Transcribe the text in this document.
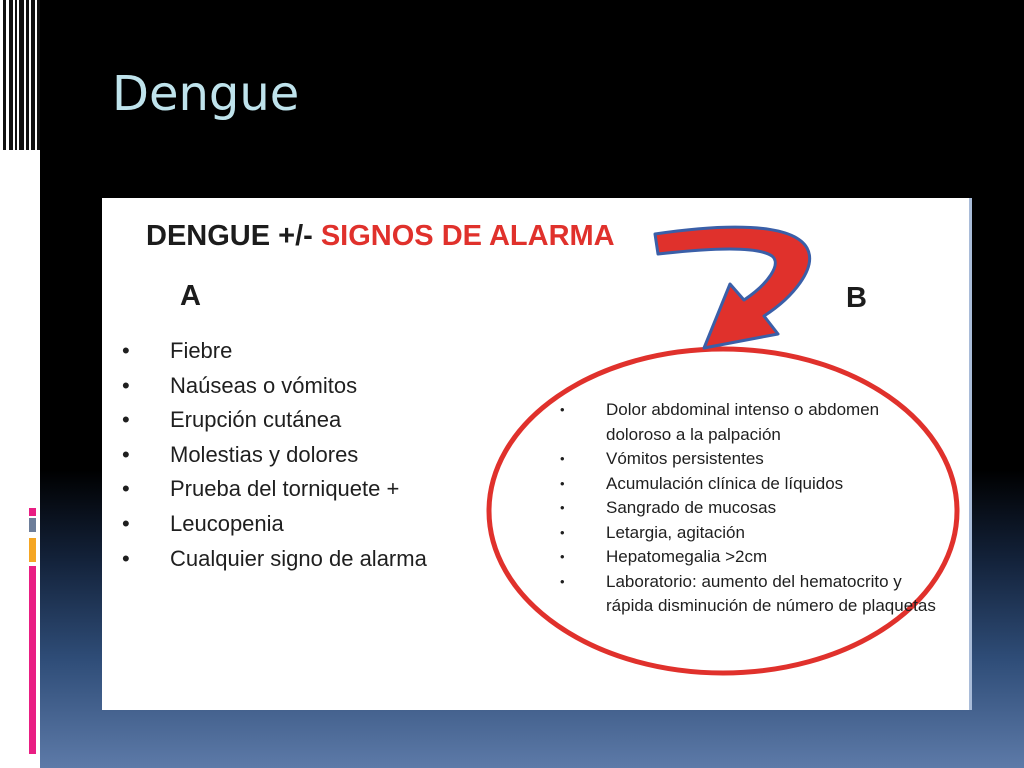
Dengue
DENGUE +/- SIGNOS DE ALARMA
A	B
• Fiebre
• Naúseas o vómitos
• Erupción cutánea
• Molestias y dolores
• Prueba del torniquete +
• Leucopenia
• Cualquier signo de alarma
• Dolor abdominal intenso o abdomen doloroso a la palpación
• Vómitos persistentes
• Acumulación clínica de líquidos
• Sangrado de mucosas
• Letargia, agitación
• Hepatomegalia >2cm
• Laboratorio: aumento del hematocrito y rápida disminución de número de plaquetas
